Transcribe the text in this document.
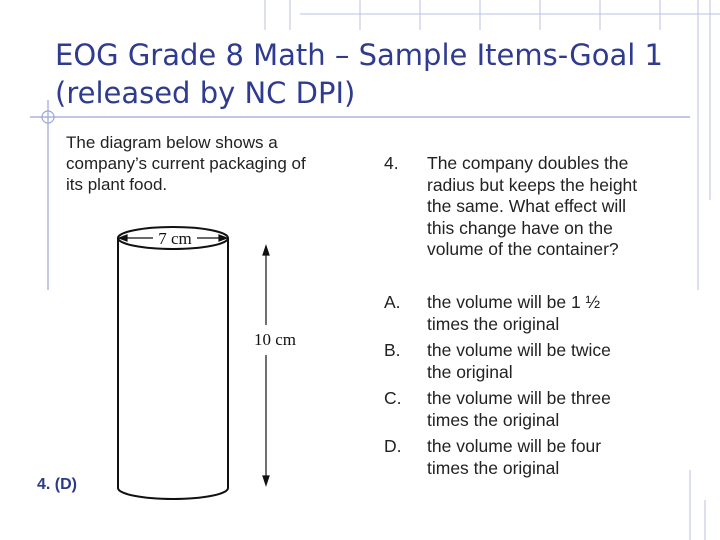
EOG Grade 8 Math – Sample Items-Goal 1
(released by NC DPI)
The diagram below shows a
company’s current packaging of
its plant food.
7 cm
10 cm
4. (D)
4. The company doubles the
radius but keeps the height
the same. What effect will
this change have on the
volume of the container?
A. the volume will be 1 ½
times the original
B. the volume will be twice
the original
C. the volume will be three
times the original
D. the volume will be four
times the original
